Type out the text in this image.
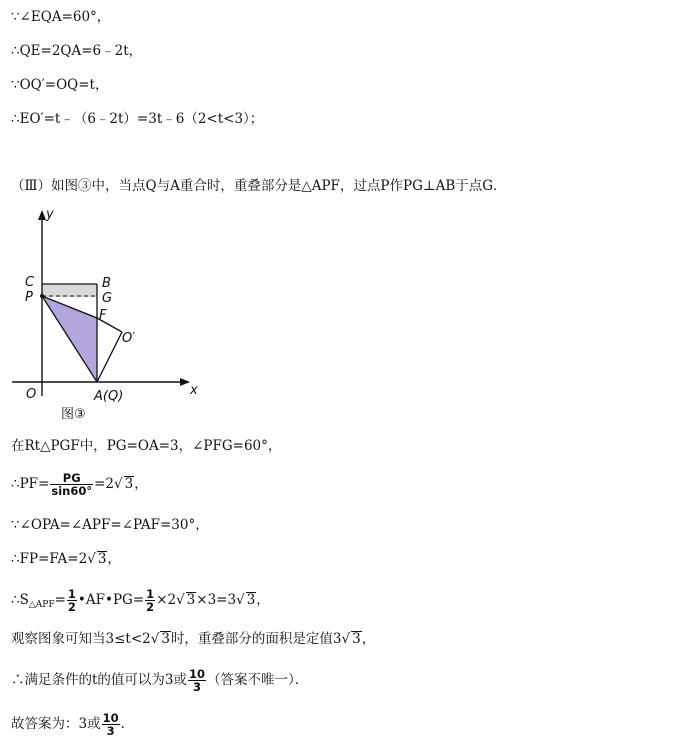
∵∠EQA=60°，
∴QE=2QA=6﹣2t，
∵OQ′=OQ=t，
∴EO′=t﹣（6﹣2t）=3t﹣6（2<t<3）；
（Ⅲ）如图③中，当点Q与A重合时，重叠部分是△APF，过点P作PG⊥AB于点G．
y
x
O
C
P
B
G
F
O′
A(Q)
图③
在Rt△PGF中，PG=OA=3，∠PFG=60°，
∴PF= $\frac{PG}{\sin 60^\circ} =2√$ 3，
∵∠OPA=∠APF=∠PAF=30°，
∴FP=FA=2√ 3，
$\therefore S_{\triangle APF}= \frac{1}{2}$ •AF•PG= $\frac{1}{2} \times 2√$ 3×3=3√ 3，
观察图象可知当3≤t<2√ 3时，重叠部分的面积是定值3√ 3，
∴满足条件的t的值可以为3或 $\frac{10}{3}$ （答案不唯一）．
故答案为：3或 $\frac{10}{3}$ ．
